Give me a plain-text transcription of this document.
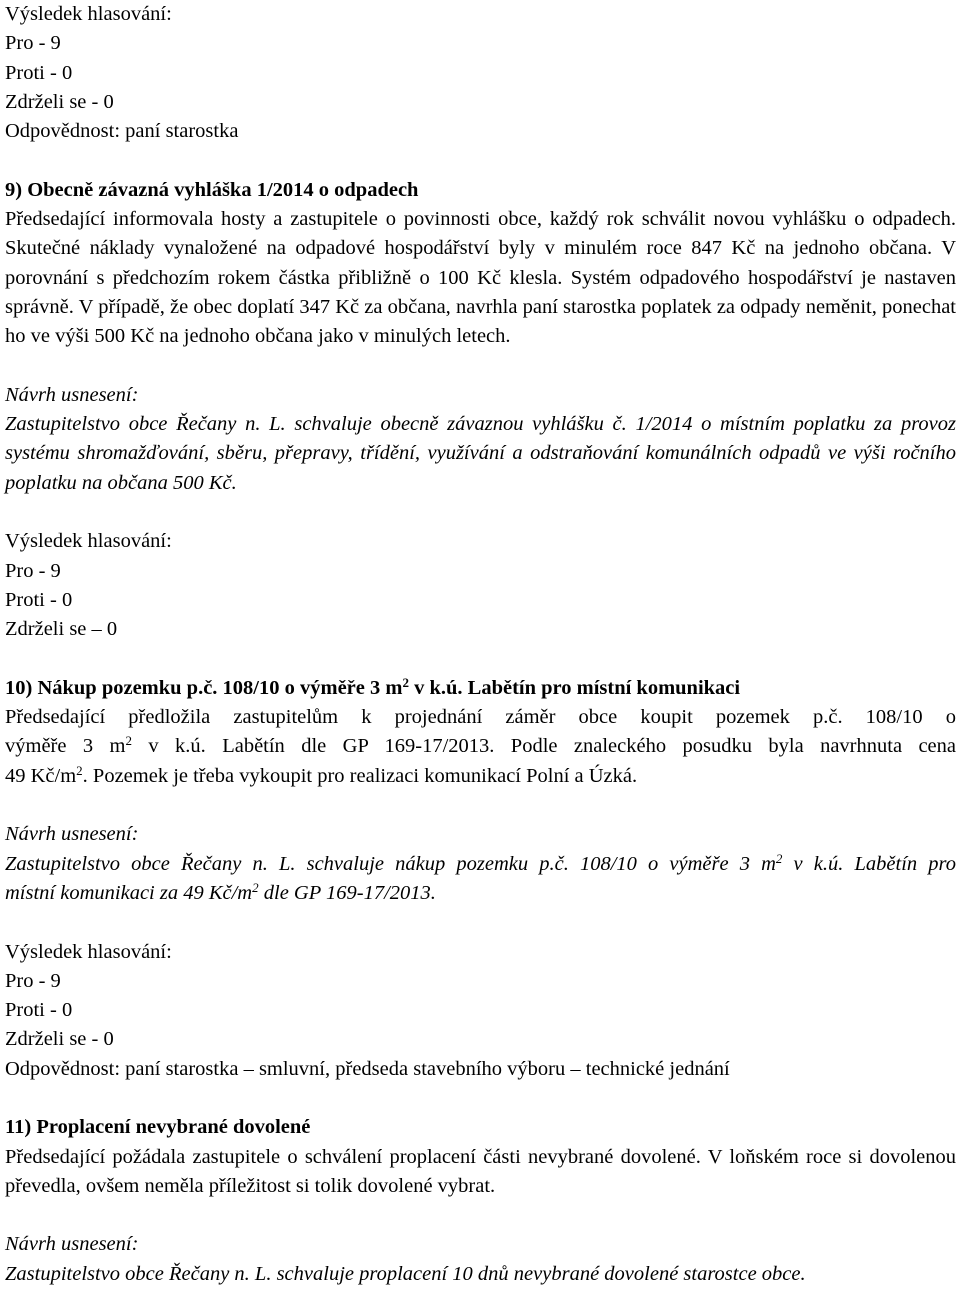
Výsledek hlasování:
Pro - 9
Proti - 0
Zdrželi se - 0
Odpovědnost: paní starostka
9) Obecně závazná vyhláška 1/2014 o odpadech

Předsedající informovala hosty a zastupitele o povinnosti obce, každý rok schválit novou vyhlášku o odpadech. Skutečné náklady vynaložené na odpadové hospodářství byly v minulém roce 847 Kč na jednoho občana. V porovnání s předchozím rokem částka přibližně o 100 Kč klesla. Systém odpadového hospodářství je nastaven správně. V případě, že obec doplatí 347 Kč za občana, navrhla paní starostka poplatek za odpady neměnit, ponechat ho ve výši 500 Kč na jednoho občana jako v minulých letech.

Návrh usnesení:

Zastupitelstvo obce Řečany n. L. schvaluje obecně závaznou vyhlášku č. 1/2014 o místním poplatku za provoz systému shromažďování, sběru, přepravy, třídění, využívání a odstraňování komunálních odpadů ve výši ročního poplatku na občana 500 Kč.

Výsledek hlasování:
Pro - 9
Proti - 0
Zdrželi se – 0
10) Nákup pozemku p.č. 108/10 o výměře 3 $m^2$ v k.ú. Labětín pro místní komunikaci
Předsedající předložila zastupitelům k projednání záměr obce koupit pozemek p.č. 108/10 o
výměře 3 $m^2$ v k.ú. Labětín dle GP 169-17/2013. Podle znaleckého posudku byla navrhnuta cena
49 $Kč/m^2$. Pozemek je třeba vykoupit pro realizaci komunikací Polní a Úzká.
Návrh usnesení:
Zastupitelstvo obce Řečany n. L. schvaluje nákup pozemku p.č. 108/10 o výměře 3 $m^2$ v k.ú. Labětín pro
místní komunikaci za 49 $Kč/m^2$ dle GP 169-17/2013.
Výsledek hlasování:
Pro - 9
Proti - 0
Zdrželi se - 0
Odpovědnost: paní starostka – smluvní, předseda stavebního výboru – technické jednání
11) Proplacení nevybrané dovolené

Předsedající požádala zastupitele o schválení proplacení části nevybrané dovolené. V loňském roce si dovolenou převedla, ovšem neměla příležitost si tolik dovolené vybrat.

Návrh usnesení:
Zastupitelstvo obce Řečany n. L. schvaluje proplacení 10 dnů nevybrané dovolené starostce obce.
